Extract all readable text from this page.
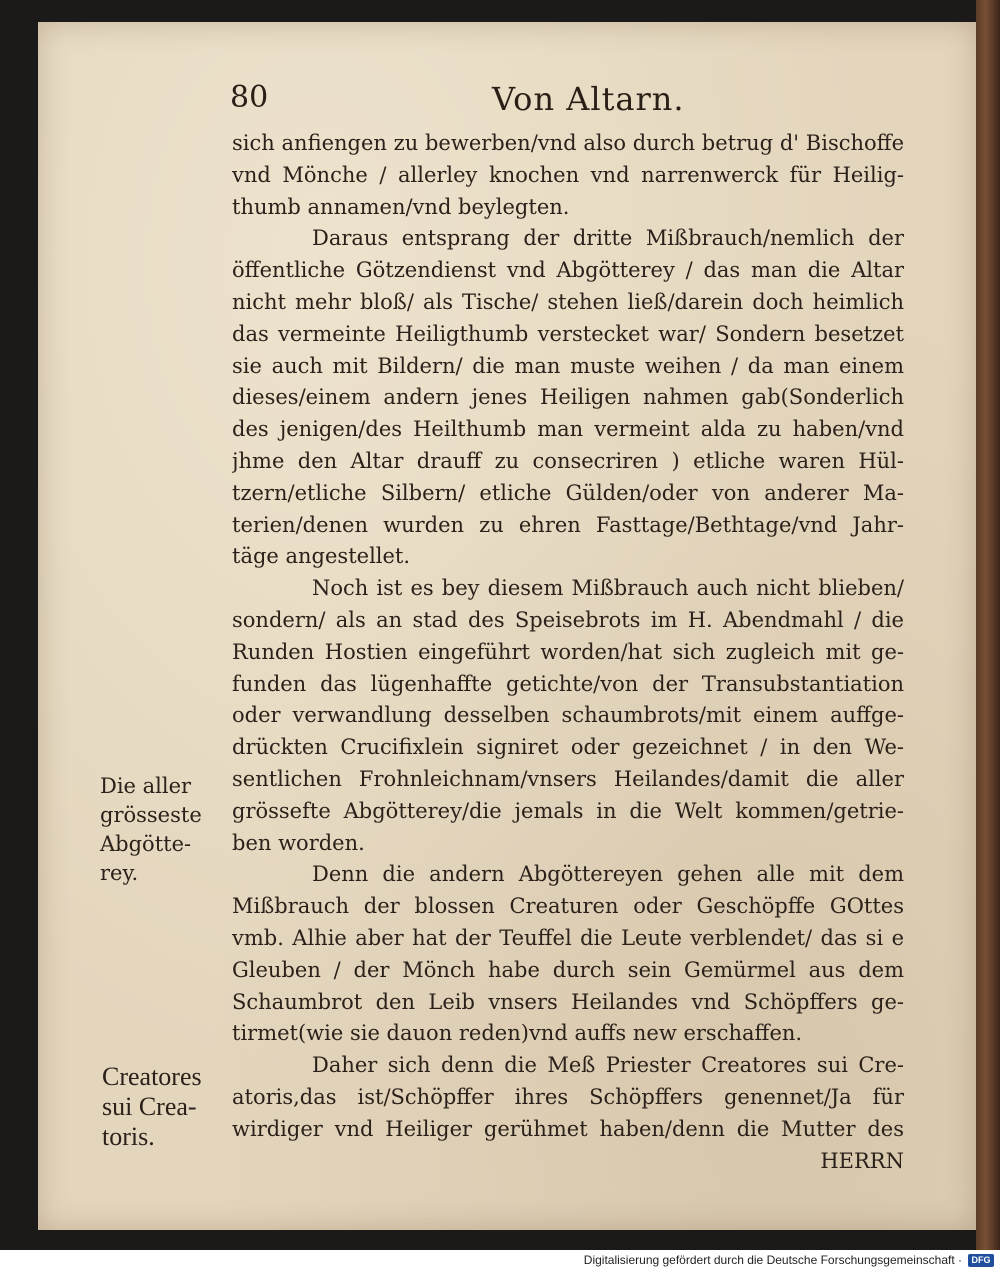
80	Von Altarn.
sich anfiengen zu bewerben/vnd also durch betrug d' Bischoffe
vnd Mönche / allerley knochen vnd narrenwerck für Heilig-
thumb annamen/vnd beylegten.
Daraus entsprang der dritte Mißbrauch/nemlich der
öffentliche Götzendienst vnd Abgötterey / das man die Altar
nicht mehr bloß/ als Tische/ stehen ließ/darein doch heimlich
das vermeinte Heiligthumb verstecket war/ Sondern besetzet
sie auch mit Bildern/ die man muste weihen / da man einem
dieses/einem andern jenes Heiligen nahmen gab(Sonderlich
des jenigen/des Heilthumb man vermeint alda zu haben/vnd
jhme den Altar drauff zu consecriren ) etliche waren Hül-
tzern/etliche Silbern/ etliche Gülden/oder von anderer Ma-
terien/denen wurden zu ehren Fasttage/Bethtage/vnd Jahr-
täge angestellet.
Noch ist es bey diesem Mißbrauch auch nicht blieben/
sondern/ als an stad des Speisebrots im H. Abendmahl / die
Runden Hostien eingeführt worden/hat sich zugleich mit ge-
funden das lügenhaffte getichte/von der Transubstantiation
oder verwandlung desselben schaumbrots/mit einem auffge-
drückten Crucifixlein signiret oder gezeichnet / in den We-
sentlichen Frohnleichnam/vnsers Heilandes/damit die aller
grössefte Abgötterey/die jemals in die Welt kommen/getrie-
ben worden.
Denn die andern Abgöttereyen gehen alle mit dem
Mißbrauch der blossen Creaturen oder Geschöpffe GOttes
vmb. Alhie aber hat der Teuffel die Leute verblendet/ das si e
Gleuben / der Mönch habe durch sein Gemürmel aus dem
Schaumbrot den Leib vnsers Heilandes vnd Schöpffers ge-
tirmet(wie sie dauon reden)vnd auffs new erschaffen.
Daher sich denn die Meß Priester Creatores sui Cre-
atoris,das ist/Schöpffer ihres Schöpffers genennet/Ja für
wirdiger vnd Heiliger gerühmet haben/denn die Mutter des
HERRN
Die aller
grösseste
Abgötte-
rey.
Creatores
sui Crea-
toris.
Digitalisierung gefördert durch die Deutsche Forschungsgemeinschaft ·	DFG
